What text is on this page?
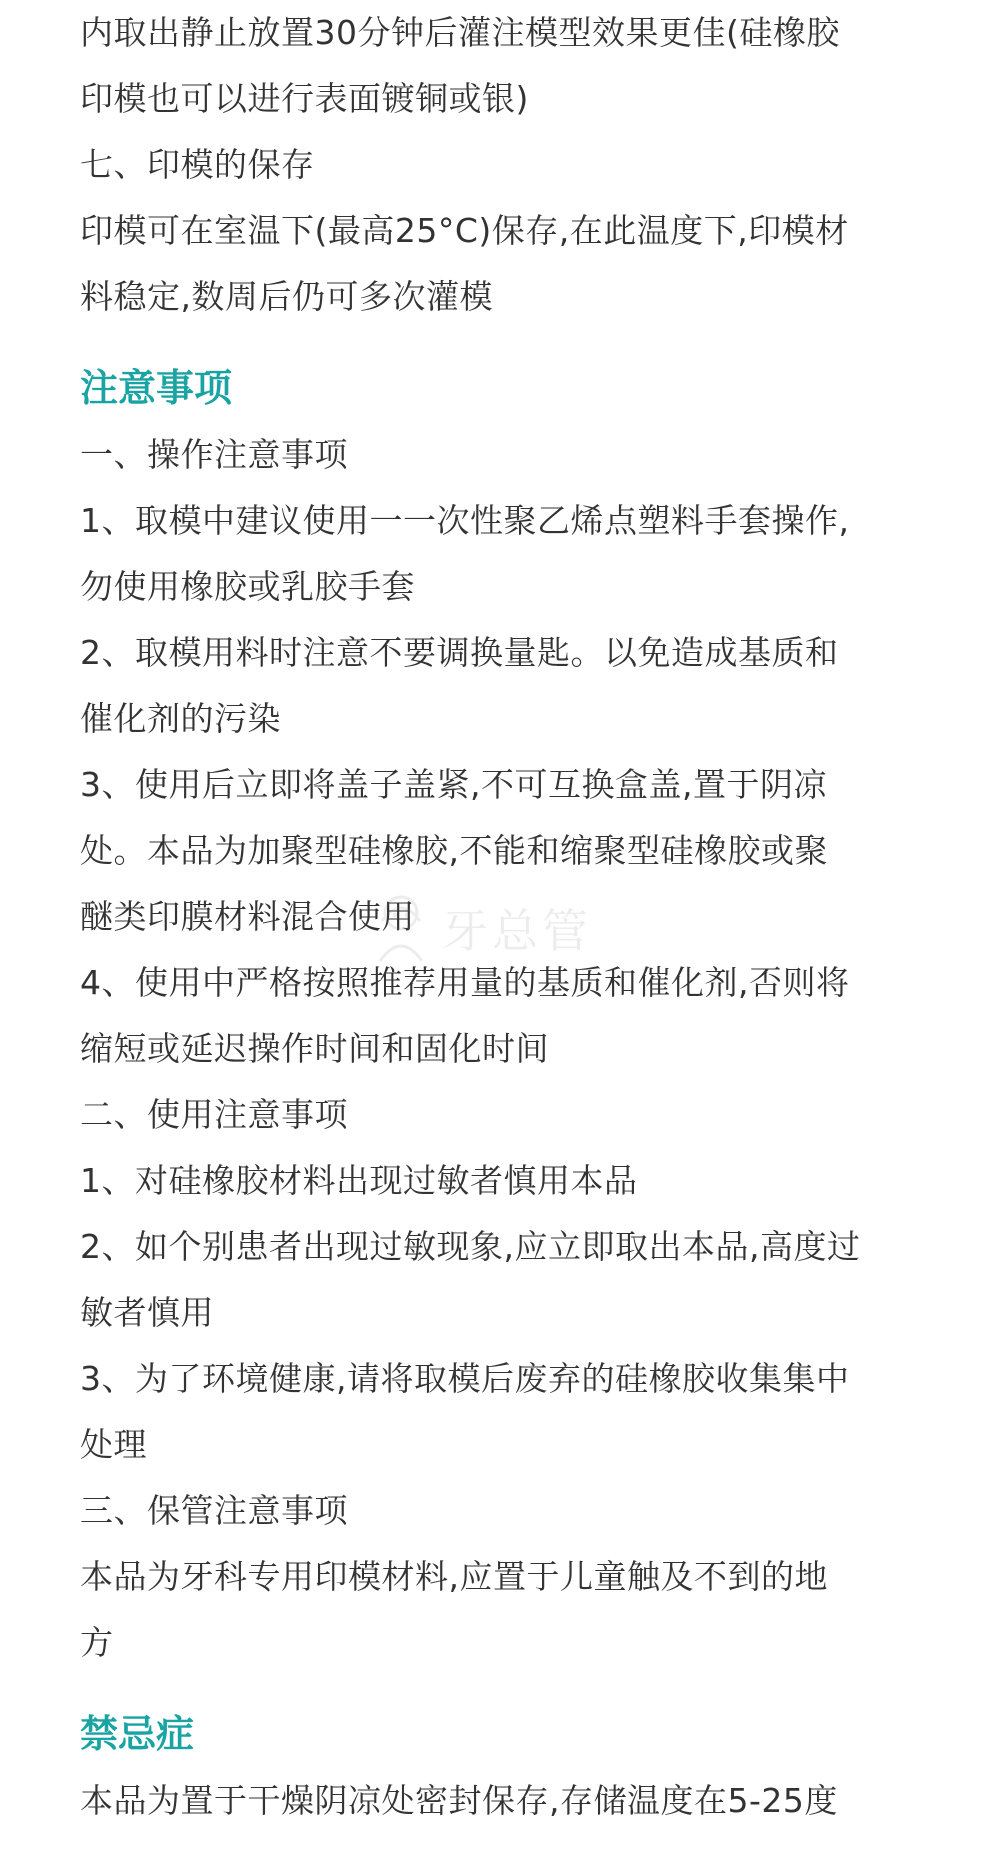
内取出静止放置30分钟后灌注模型效果更佳(硅橡胶
印模也可以进行表面镀铜或银)
七、印模的保存
印模可在室温下(最高25°C)保存,在此温度下,印模材
料稳定,数周后仍可多次灌模
注意事项
一、操作注意事项
1、取模中建议使用一一次性聚乙烯点塑料手套操作,
勿使用橡胶或乳胶手套
2、取模用料时注意不要调换量匙。以免造成基质和
催化剂的污染
3、使用后立即将盖子盖紧,不可互换盒盖,置于阴凉
处。本品为加聚型硅橡胶,不能和缩聚型硅橡胶或聚
醚类印膜材料混合使用
4、使用中严格按照推荐用量的基质和催化剂,否则将
缩短或延迟操作时间和固化时间
二、使用注意事项
1、对硅橡胶材料出现过敏者慎用本品
2、如个别患者出现过敏现象,应立即取出本品,高度过
敏者慎用
3、为了环境健康,请将取模后废弃的硅橡胶收集集中
处理
三、保管注意事项
本品为牙科专用印模材料,应置于儿童触及不到的地
方
禁忌症
本品为置于干燥阴凉处密封保存,存储温度在5-25度
牙总管
